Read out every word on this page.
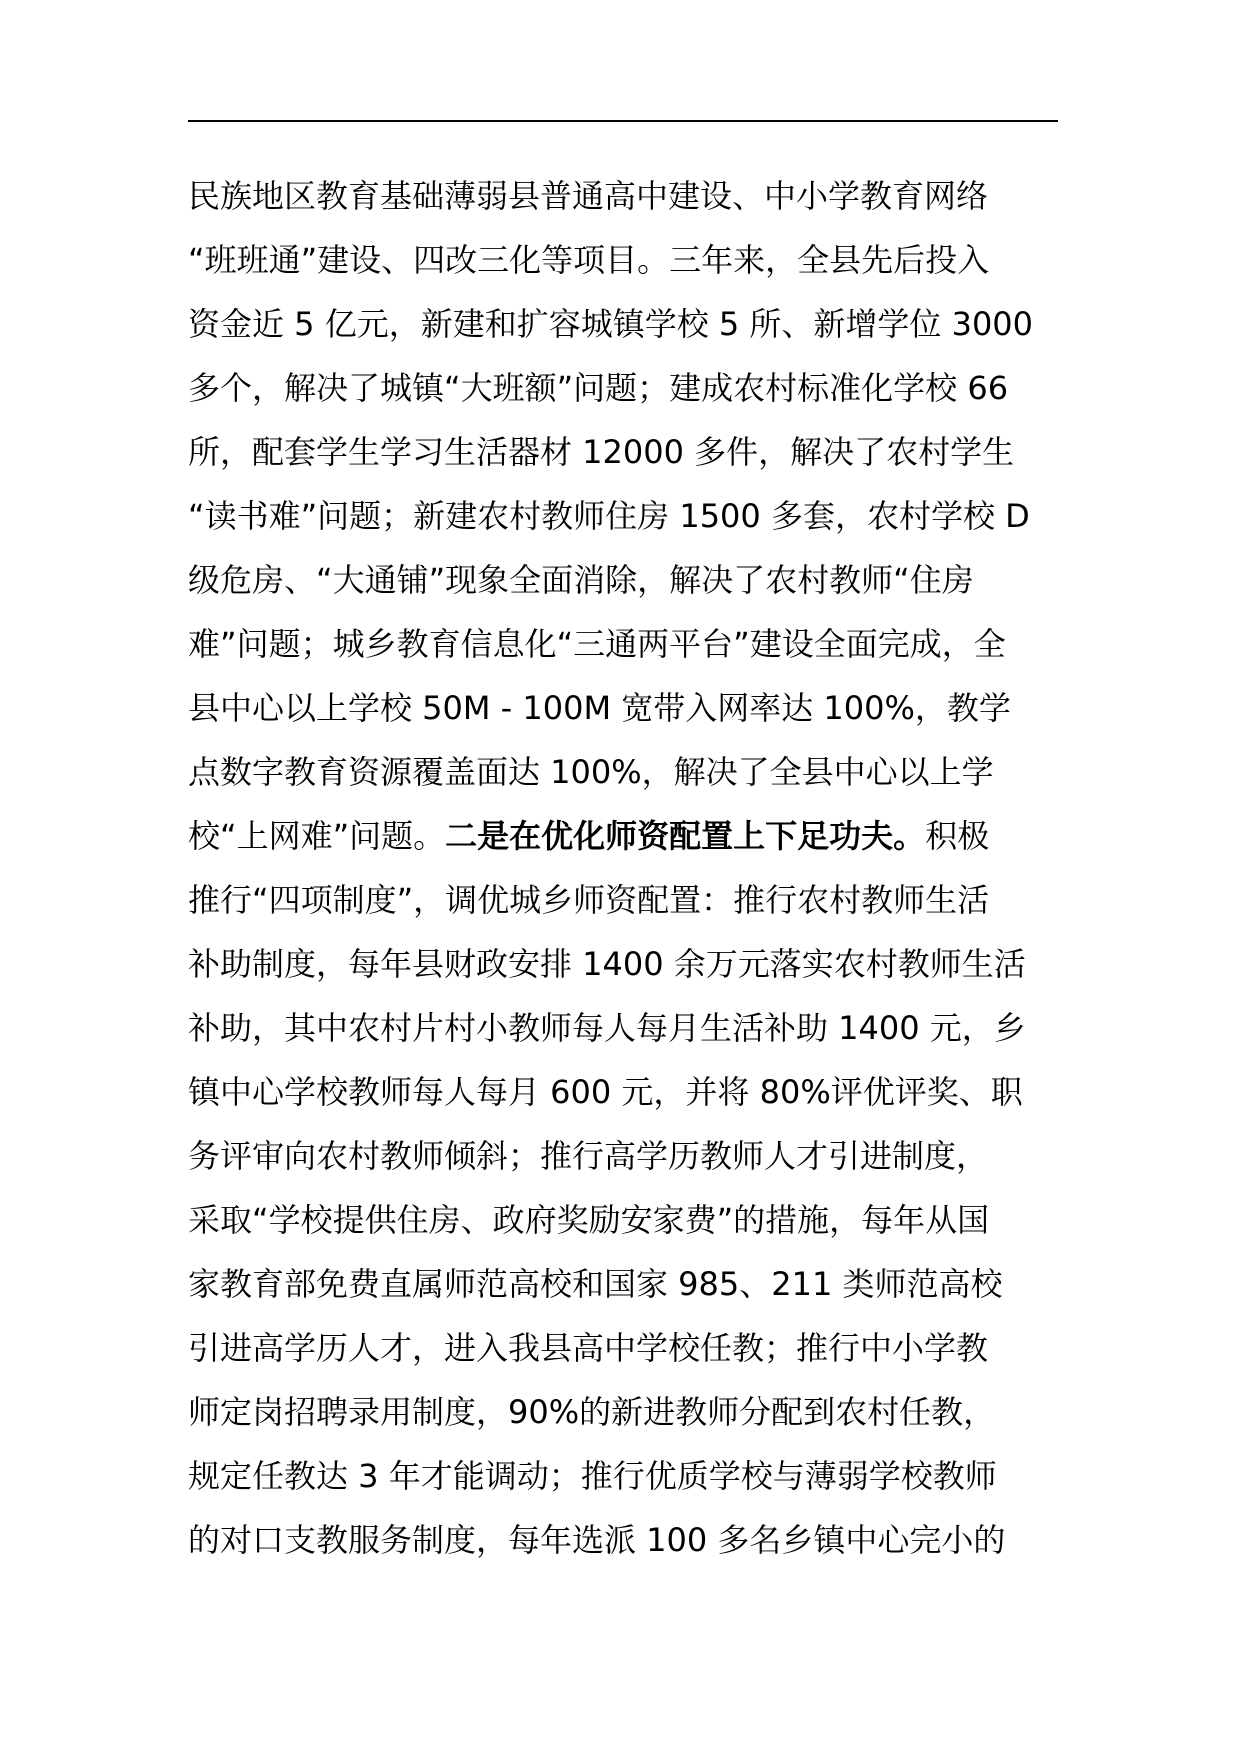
民族地区教育基础薄弱县普通高中建设、中小学教育网络
“班班通”建设、四改三化等项目。三年来，全县先后投入
资金近 5 亿元，新建和扩容城镇学校 5 所、新增学位 3000
多个，解决了城镇“大班额”问题；建成农村标准化学校 66
所，配套学生学习生活器材 12000 多件，解决了农村学生
“读书难”问题；新建农村教师住房 1500 多套，农村学校 D
级危房、“大通铺”现象全面消除，解决了农村教师“住房
难”问题；城乡教育信息化“三通两平台”建设全面完成，全
县中心以上学校 50M - 100M 宽带入网率达 100%，教学
点数字教育资源覆盖面达 100%，解决了全县中心以上学
校“上网难”问题。二是在优化师资配置上下足功夫。积极
推行“四项制度”，调优城乡师资配置：推行农村教师生活
补助制度，每年县财政安排 1400 余万元落实农村教师生活
补助，其中农村片村小教师每人每月生活补助 1400 元，乡
镇中心学校教师每人每月 600 元，并将 80%评优评奖、职
务评审向农村教师倾斜；推行高学历教师人才引进制度，
采取“学校提供住房、政府奖励安家费”的措施，每年从国
家教育部免费直属师范高校和国家 985、211 类师范高校
引进高学历人才，进入我县高中学校任教；推行中小学教
师定岗招聘录用制度，90%的新进教师分配到农村任教，
规定任教达 3 年才能调动；推行优质学校与薄弱学校教师
的对口支教服务制度，每年选派 100 多名乡镇中心完小的
